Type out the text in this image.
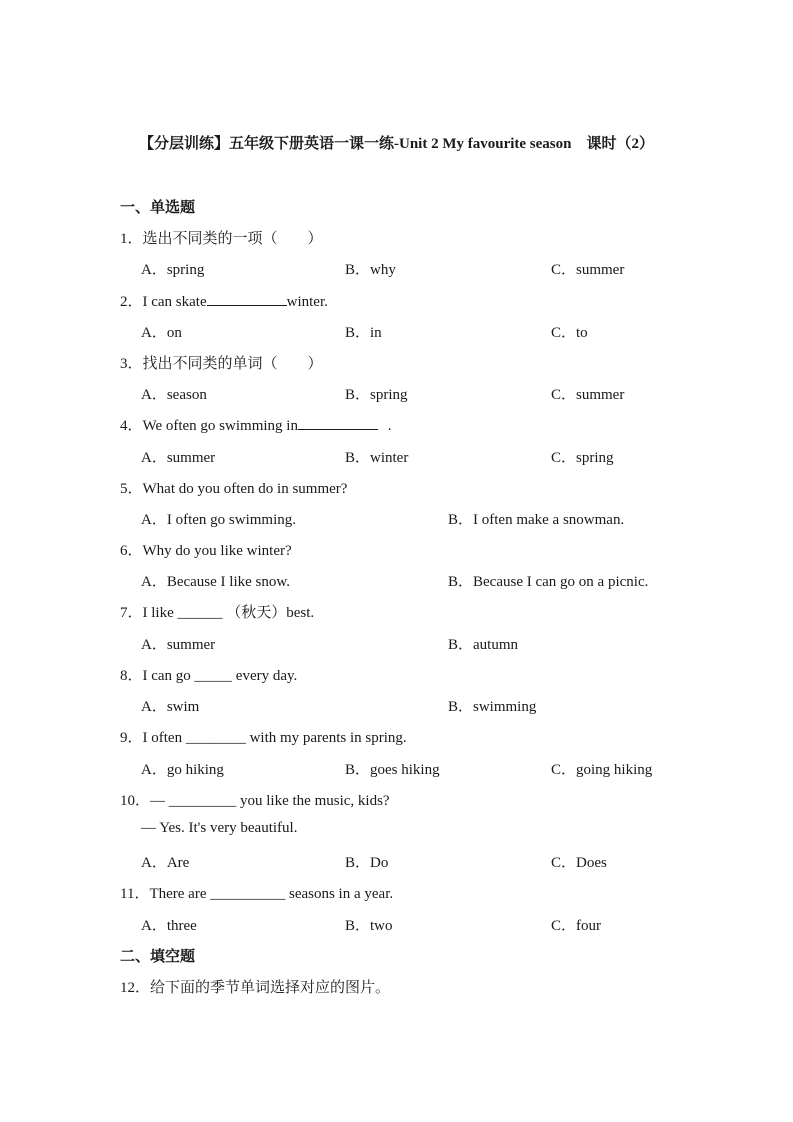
【分层训练】五年级下册英语一课一练-Unit 2 My favourite season　课时（2）
一、单选题
1．选出不同类的一项（　　）
A．spring	B．why	C．summer
2．I can skate	winter.
A．on	B．in	C．to
3．找出不同类的单词（　　）
A．season	B．spring	C．summer
4．We often go swimming in	.
A．summer	B．winter	C．spring
5．What do you often do in summer?
A．I often go swimming.	B．I often make a snowman.
6．Why do you like winter?
A．Because I like snow.	B．Because I can go on a picnic.
7．I like ______ （秋天）best.
A．summer	B．autumn
8．I can go _____ every day.
A．swim	B．swimming
9．I often ________ with my parents in spring.
A．go hiking	B．goes hiking	C．going hiking
10．— _________ you like the music, kids?
— Yes. It's very beautiful.
A．Are	B．Do	C．Does
11．There are __________ seasons in a year.
A．three	B．two	C．four
二、填空题
12．给下面的季节单词选择对应的图片。
